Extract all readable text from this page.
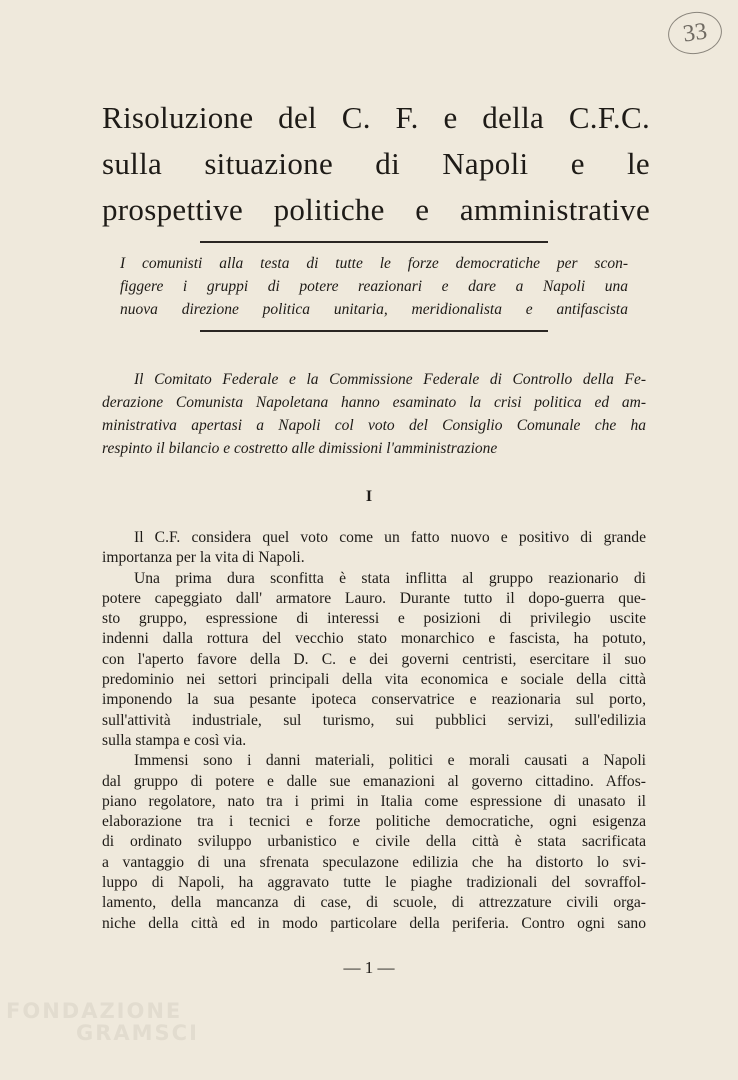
33
Risoluzione del C. F. e della C.F.C.
sulla situazione di Napoli e le
prospettive politiche e amministrative
I comunisti alla testa di tutte le forze democratiche per scon-
figgere i gruppi di potere reazionari e dare a Napoli una
nuova direzione politica unitaria, meridionalista e antifascista
Il Comitato Federale e la Commissione Federale di Controllo della Fe-
derazione Comunista Napoletana hanno esaminato la crisi politica ed am-
ministrativa apertasi a Napoli col voto del Consiglio Comunale che ha
respinto il bilancio e costretto alle dimissioni l'amministrazione
I
Il C.F. considera quel voto come un fatto nuovo e positivo di grande
importanza per la vita di Napoli.
Una prima dura sconfitta è stata inflitta al gruppo reazionario di
potere capeggiato dall' armatore Lauro. Durante tutto il dopo-guerra que-
sto gruppo, espressione di interessi e posizioni di privilegio uscite
indenni dalla rottura del vecchio stato monarchico e fascista, ha potuto,
con l'aperto favore della D. C. e dei governi centristi, esercitare il suo
predominio nei settori principali della vita economica e sociale della città
imponendo la sua pesante ipoteca conservatrice e reazionaria sul porto,
sull'attività industriale, sul turismo, sui pubblici servizi, sull'edilizia
sulla stampa e così via.
Immensi sono i danni materiali, politici e morali causati a Napoli
dal gruppo di potere e dalle sue emanazioni al governo cittadino. Affos-
piano regolatore, nato tra i primi in Italia come espressione di unasato il
elaborazione tra i tecnici e forze politiche democratiche, ogni esigenza
di ordinato sviluppo urbanistico e civile della città è stata sacrificata
a vantaggio di una sfrenata speculazone edilizia che ha distorto lo svi-
luppo di Napoli, ha aggravato tutte le piaghe tradizionali del sovraffol-
lamento, della mancanza di case, di scuole, di attrezzature civili orga-
niche della città ed in modo particolare della periferia. Contro ogni sano
— 1 —
FONDAZIONE
GRAMSCI
